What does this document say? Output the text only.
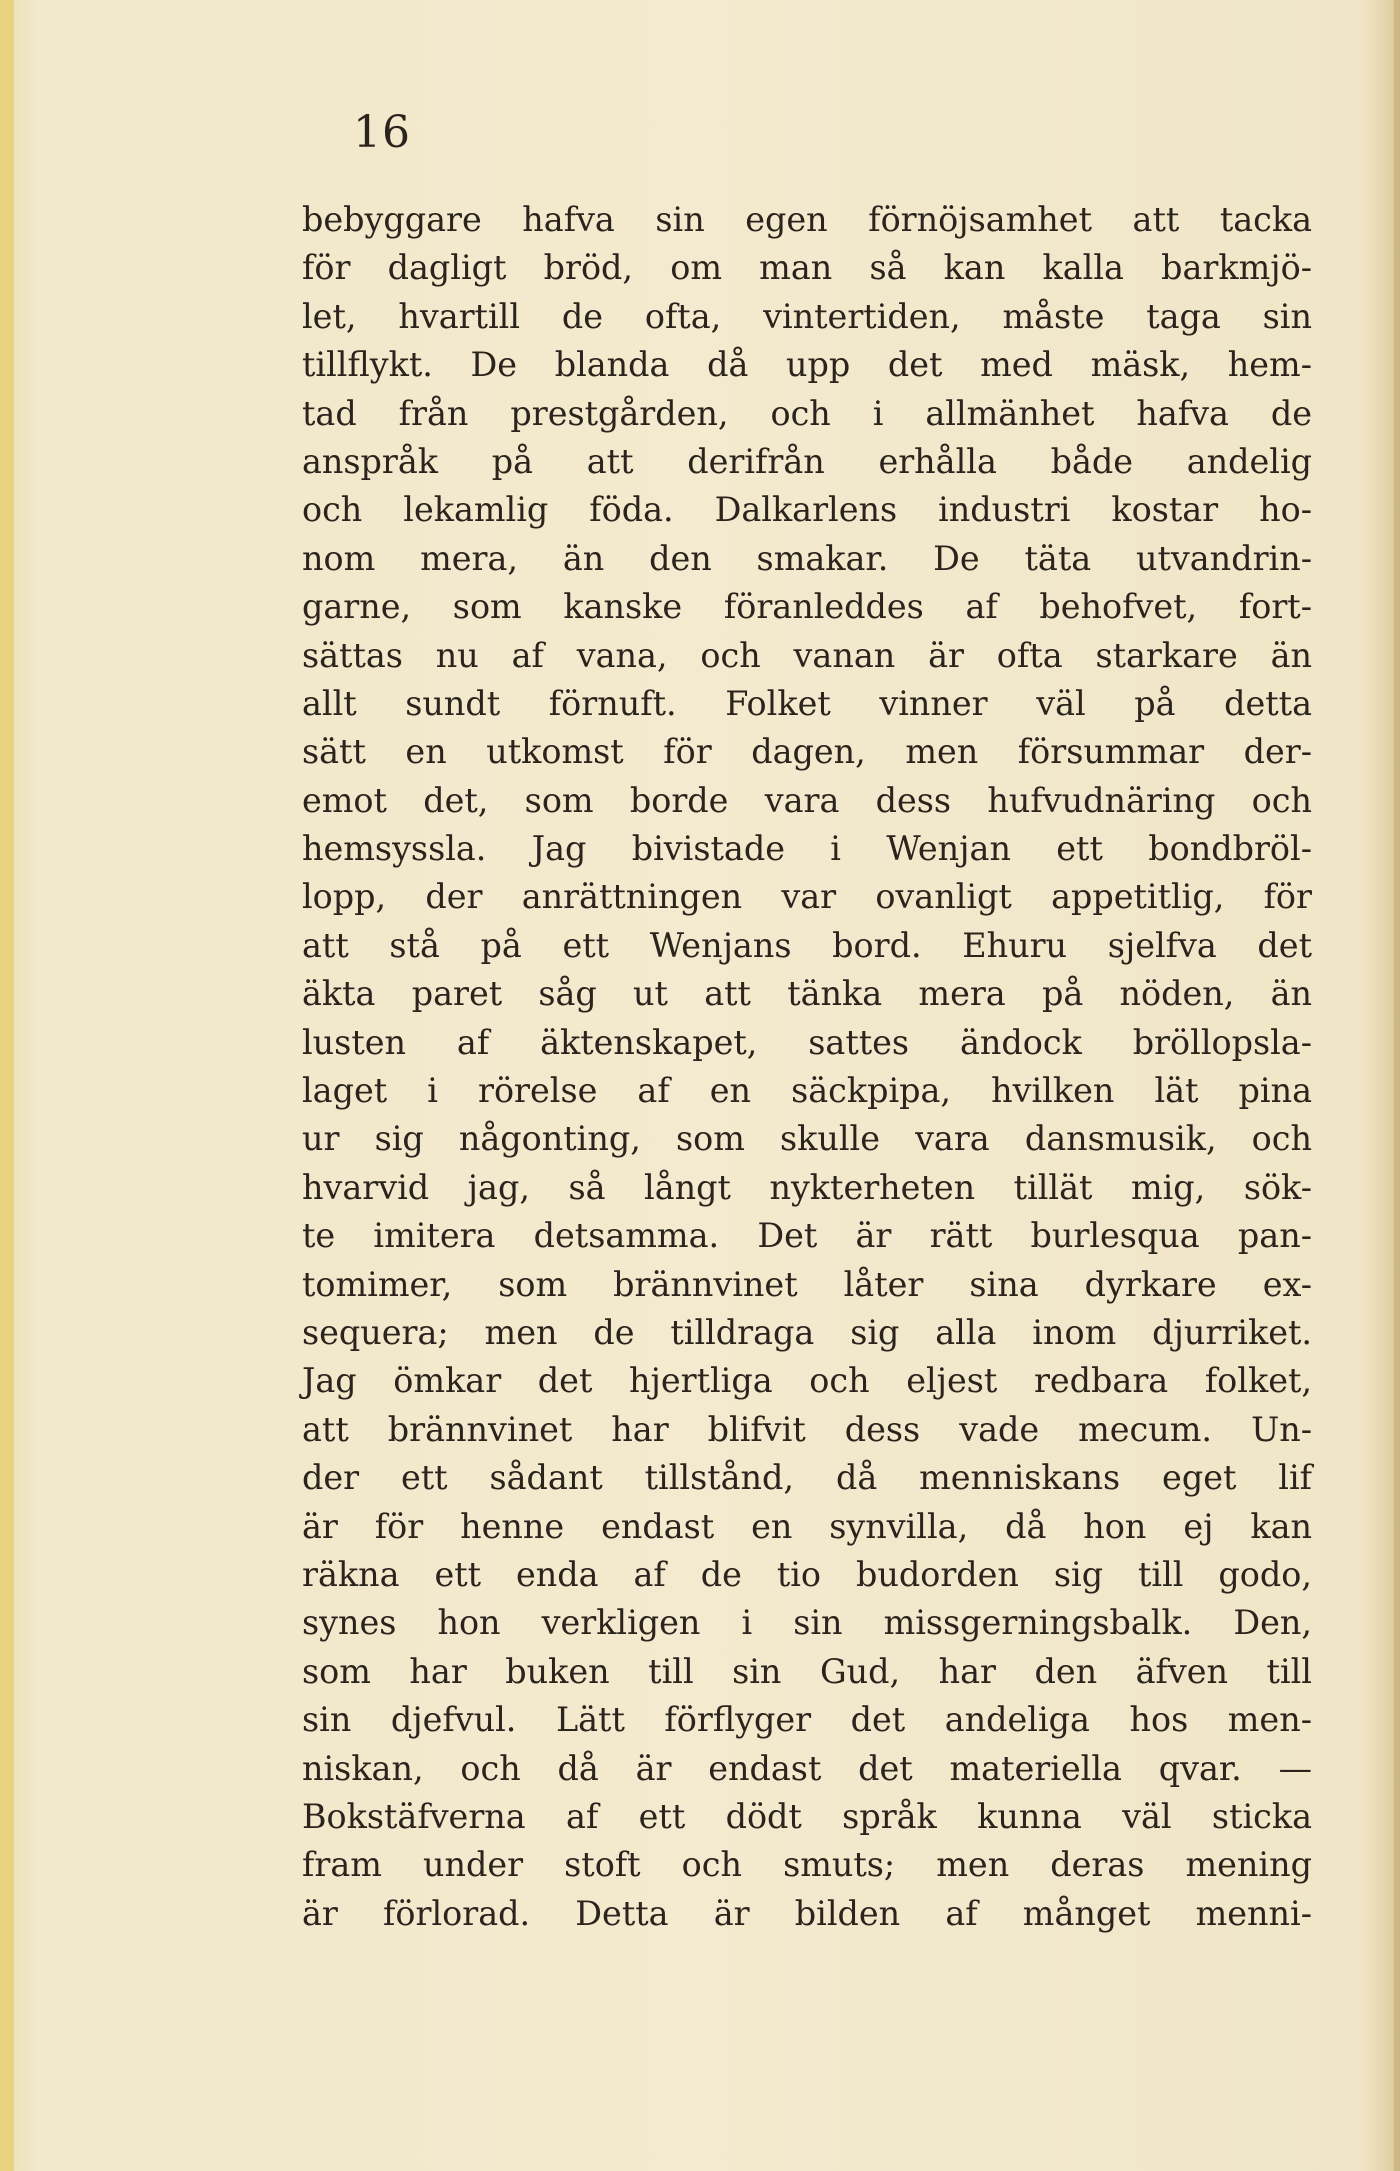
16
bebyggare hafva sin egen förnöjsamhet att tacka
för dagligt bröd, om man så kan kalla barkmjö-
let, hvartill de ofta, vintertiden, måste taga sin
tillflykt. De blanda då upp det med mäsk, hem-
tad från prestgården, och i allmänhet hafva de
anspråk på att derifrån erhålla både andelig
och lekamlig föda. Dalkarlens industri kostar ho-
nom mera, än den smakar. De täta utvandrin-
garne, som kanske föranleddes af behofvet, fort-
sättas nu af vana, och vanan är ofta starkare än
allt sundt förnuft. Folket vinner väl på detta
sätt en utkomst för dagen, men försummar der-
emot det, som borde vara dess hufvudnäring och
hemsyssla. Jag bivistade i Wenjan ett bondbröl-
lopp, der anrättningen var ovanligt appetitlig, för
att stå på ett Wenjans bord. Ehuru sjelfva det
äkta paret såg ut att tänka mera på nöden, än
lusten af äktenskapet, sattes ändock bröllopsla-
laget i rörelse af en säckpipa, hvilken lät pina
ur sig någonting, som skulle vara dansmusik, och
hvarvid jag, så långt nykterheten tillät mig, sök-
te imitera detsamma. Det är rätt burlesqua pan-
tomimer, som brännvinet låter sina dyrkare ex-
sequera; men de tilldraga sig alla inom djurriket.
Jag ömkar det hjertliga och eljest redbara folket,
att brännvinet har blifvit dess vade mecum. Un-
der ett sådant tillstånd, då menniskans eget lif
är för henne endast en synvilla, då hon ej kan
räkna ett enda af de tio budorden sig till godo,
synes hon verkligen i sin missgerningsbalk. Den,
som har buken till sin Gud, har den äfven till
sin djefvul. Lätt förflyger det andeliga hos men-
niskan, och då är endast det materiella qvar. —
Bokstäfverna af ett dödt språk kunna väl sticka
fram under stoft och smuts; men deras mening
är förlorad. Detta är bilden af månget menni-
